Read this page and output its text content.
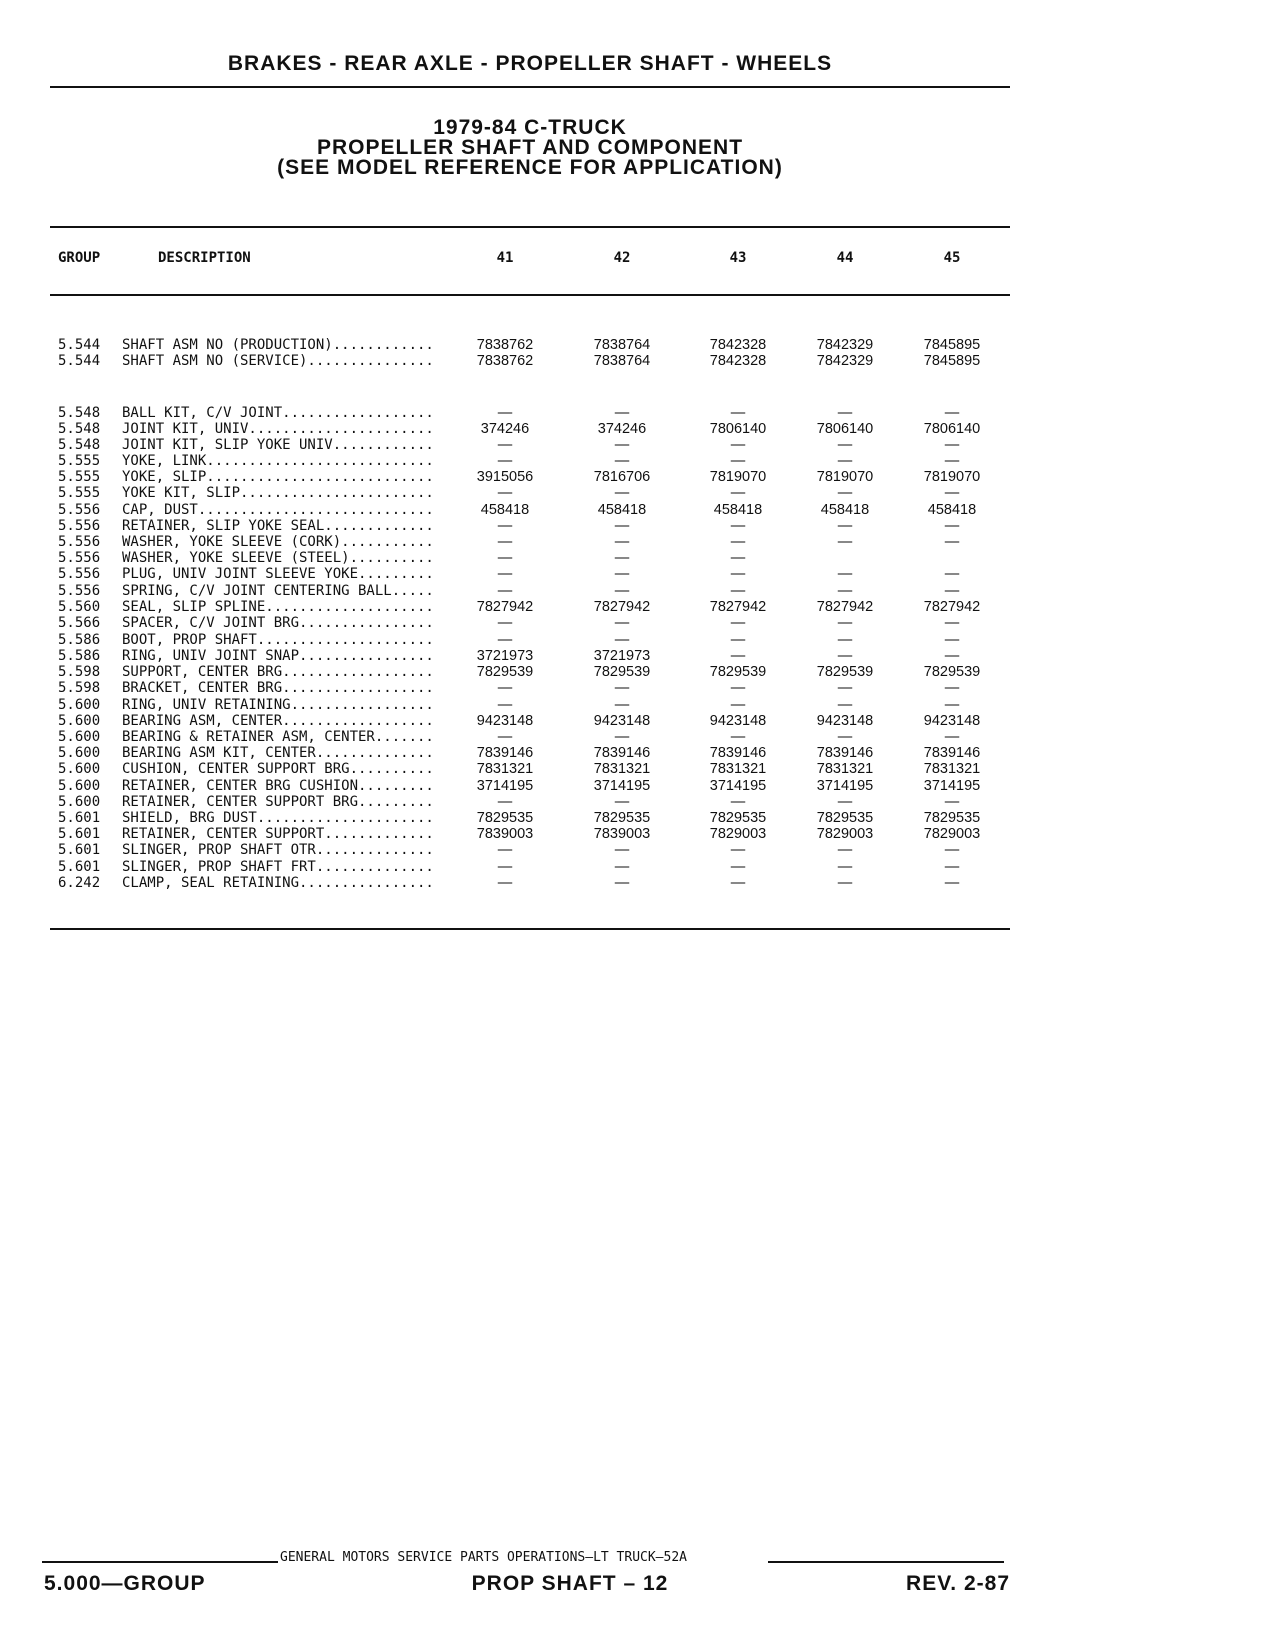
BRAKES - REAR AXLE - PROPELLER SHAFT - WHEELS
1979-84 C-TRUCK
PROPELLER SHAFT AND COMPONENT
(SEE MODEL REFERENCE FOR APPLICATION)
GROUP	DESCRIPTION	41	42	43	44	45
5.544	SHAFT ASM NO (PRODUCTION)............	7838762	7838764	7842328	7842329	7845895
5.544	SHAFT ASM NO (SERVICE)...............	7838762	7838764	7842328	7842329	7845895
5.548	BALL KIT, C/V JOINT..................	—	—	—	—	—
5.548	JOINT KIT, UNIV......................	374246	374246	7806140	7806140	7806140
5.548	JOINT KIT, SLIP YOKE UNIV............	—	—	—	—	—
5.555	YOKE, LINK...........................	—	—	—	—	—
5.555	YOKE, SLIP...........................	3915056	7816706	7819070	7819070	7819070
5.555	YOKE KIT, SLIP.......................	—	—	—	—	—
5.556	CAP, DUST............................	458418	458418	458418	458418	458418
5.556	RETAINER, SLIP YOKE SEAL.............	—	—	—	—	—
5.556	WASHER, YOKE SLEEVE (CORK)...........	—	—	—	—	—
5.556	WASHER, YOKE SLEEVE (STEEL)..........	—	—	—
5.556	PLUG, UNIV JOINT SLEEVE YOKE.........	—	—	—	—	—
5.556	SPRING, C/V JOINT CENTERING BALL.....	—	—	—	—	—
5.560	SEAL, SLIP SPLINE....................	7827942	7827942	7827942	7827942	7827942
5.566	SPACER, C/V JOINT BRG................	—	—	—	—	—
5.586	BOOT, PROP SHAFT.....................	—	—	—	—	—
5.586	RING, UNIV JOINT SNAP................	3721973	3721973	—	—	—
5.598	SUPPORT, CENTER BRG..................	7829539	7829539	7829539	7829539	7829539
5.598	BRACKET, CENTER BRG..................	—	—	—	—	—
5.600	RING, UNIV RETAINING.................	—	—	—	—	—
5.600	BEARING ASM, CENTER..................	9423148	9423148	9423148	9423148	9423148
5.600	BEARING & RETAINER ASM, CENTER.......	—	—	—	—	—
5.600	BEARING ASM KIT, CENTER..............	7839146	7839146	7839146	7839146	7839146
5.600	CUSHION, CENTER SUPPORT BRG..........	7831321	7831321	7831321	7831321	7831321
5.600	RETAINER, CENTER BRG CUSHION.........	3714195	3714195	3714195	3714195	3714195
5.600	RETAINER, CENTER SUPPORT BRG.........	—	—	—	—	—
5.601	SHIELD, BRG DUST.....................	7829535	7829535	7829535	7829535	7829535
5.601	RETAINER, CENTER SUPPORT.............	7839003	7839003	7829003	7829003	7829003
5.601	SLINGER, PROP SHAFT OTR..............	—	—	—	—	—
5.601	SLINGER, PROP SHAFT FRT..............	—	—	—	—	—
6.242	CLAMP, SEAL RETAINING................	—	—	—	—	—
GENERAL MOTORS SERVICE PARTS OPERATIONS—LT TRUCK—52A
5.000—GROUP	PROP SHAFT – 12	REV. 2-87
